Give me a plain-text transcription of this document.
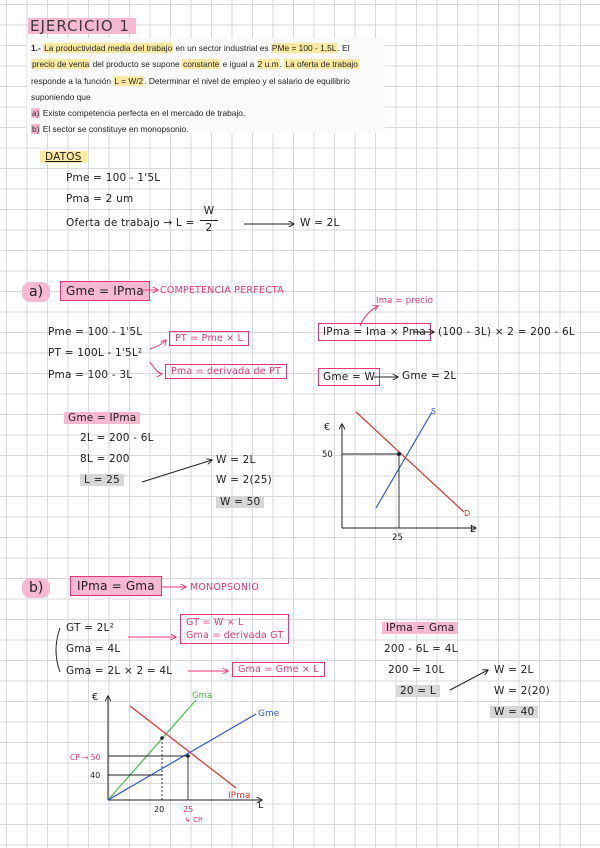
EJERCICIO 1
1.- La productividad media del trabajo en un sector industrial es PMe = 100 - 1,5L. El
precio de venta del producto se supone constante e igual a 2 u.m. La oferta de trabajo
responde a la función L = W/2. Determinar el nivel de empleo y el salario de equilibrio
suponiendo que
a) Existe competencia perfecta en el mercado de trabajo.
b) El sector se constituye en monopsonio.
DATOS
Pme = 100 - 1'5L
Pma = 2 um
Oferta de trabajo → L =
W
2	W = 2L
a)	Gme = IPma	COMPETENCIA PERFECTA
Pme = 100 - 1'5L
PT = 100L - 1'5L²
Pma = 100 - 3L
PT = Pme × L
Pma = derivada de PT
Ima = precio
IPma = Ima × Pma	(100 - 3L) × 2 = 200 - 6L
Gme = W	Gme = 2L
Gme = IPma
2L = 200 - 6L
8L = 200
L = 25
W = 2L
W = 2(25)
W = 50
b)	IPma = Gma	MONOPSONIO
GT = 2L²
Gma = 4L
Gma = 2L × 2 = 4L
GT = W × L
Gma = derivada GT
Gma = Gme × L
IPma = Gma
200 - 6L = 4L
200 = 10L
20 = L
W = 2L
W = 2(20)
W = 40
€
L
S
D
50
25
€
L
Gma
Gme
IPma
CP → 50
40
20 25
↳ CP
